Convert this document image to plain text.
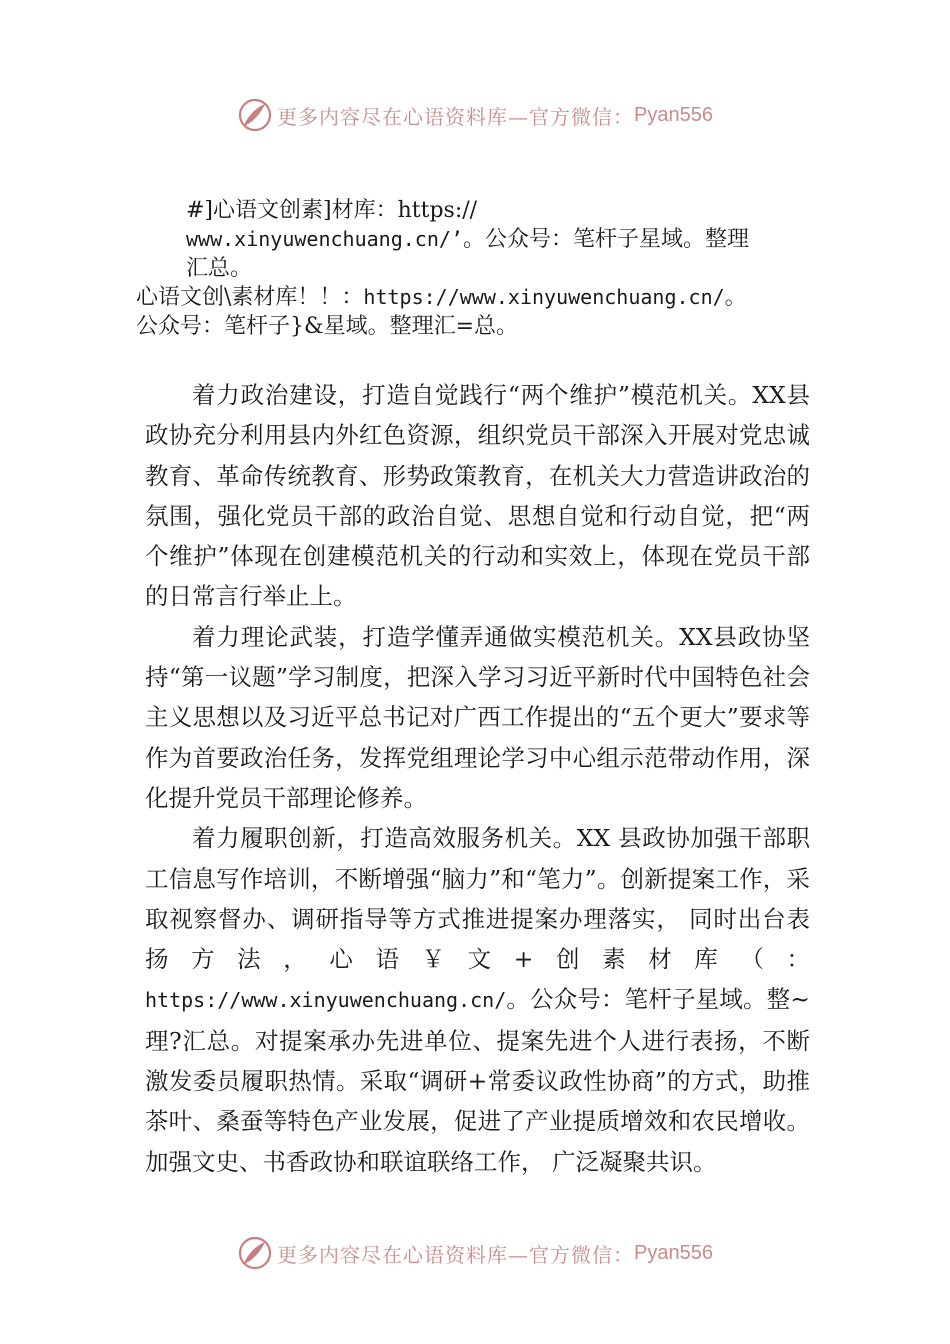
更多内容尽在心语资料库—官方微信： Pyan556
#]心语文创素]材库：https://
www.xinyuwenchuang.cn/’。公众号：笔杆子星域。整理
汇总。
心语文创\素材库！！：https://www.xinyuwenchuang.cn/。
公众号：笔杆子}&星域。整理汇=总。

着力政治建设，打造自觉践行“两个维护”模范机关。XX县政协充分利用县内外红色资源，组织党员干部深入开展对党忠诚教育、革命传统教育、形势政策教育，在机关大力营造讲政治的氛围，强化党员干部的政治自觉、思想自觉和行动自觉，把“两个维护”体现在创建模范机关的行动和实效上，体现在党员干部的日常言行举止上。

着力理论武装，打造学懂弄通做实模范机关。XX县政协坚持“第一议题”学习制度，把深入学习习近平新时代中国特色社会主义思想以及习近平总书记对广西工作提出的“五个更大”要求等作为首要政治任务，发挥党组理论学习中心组示范带动作用，深化提升党员干部理论修养。

着力履职创新，打造高效服务机关。XX 县政协加强干部职工信息写作培训，不断增强“脑力”和“笔力”。创新提案工作，采取视察督办、调研指导等方式推进提案办理落实， 同时出台表扬方法，心语￥文+创素材库（：https://www.xinyuwenchuang.cn/。公众号：笔杆子星域。整~理?汇总。对提案承办先进单位、提案先进个人进行表扬，不断激发委员履职热情。采取“调研+常委议政性协商”的方式，助推茶叶、桑蚕等特色产业发展，促进了产业提质增效和农民增收。加强文史、书香政协和联谊联络工作， 广泛凝聚共识。

更多内容尽在心语资料库—官方微信： Pyan556
